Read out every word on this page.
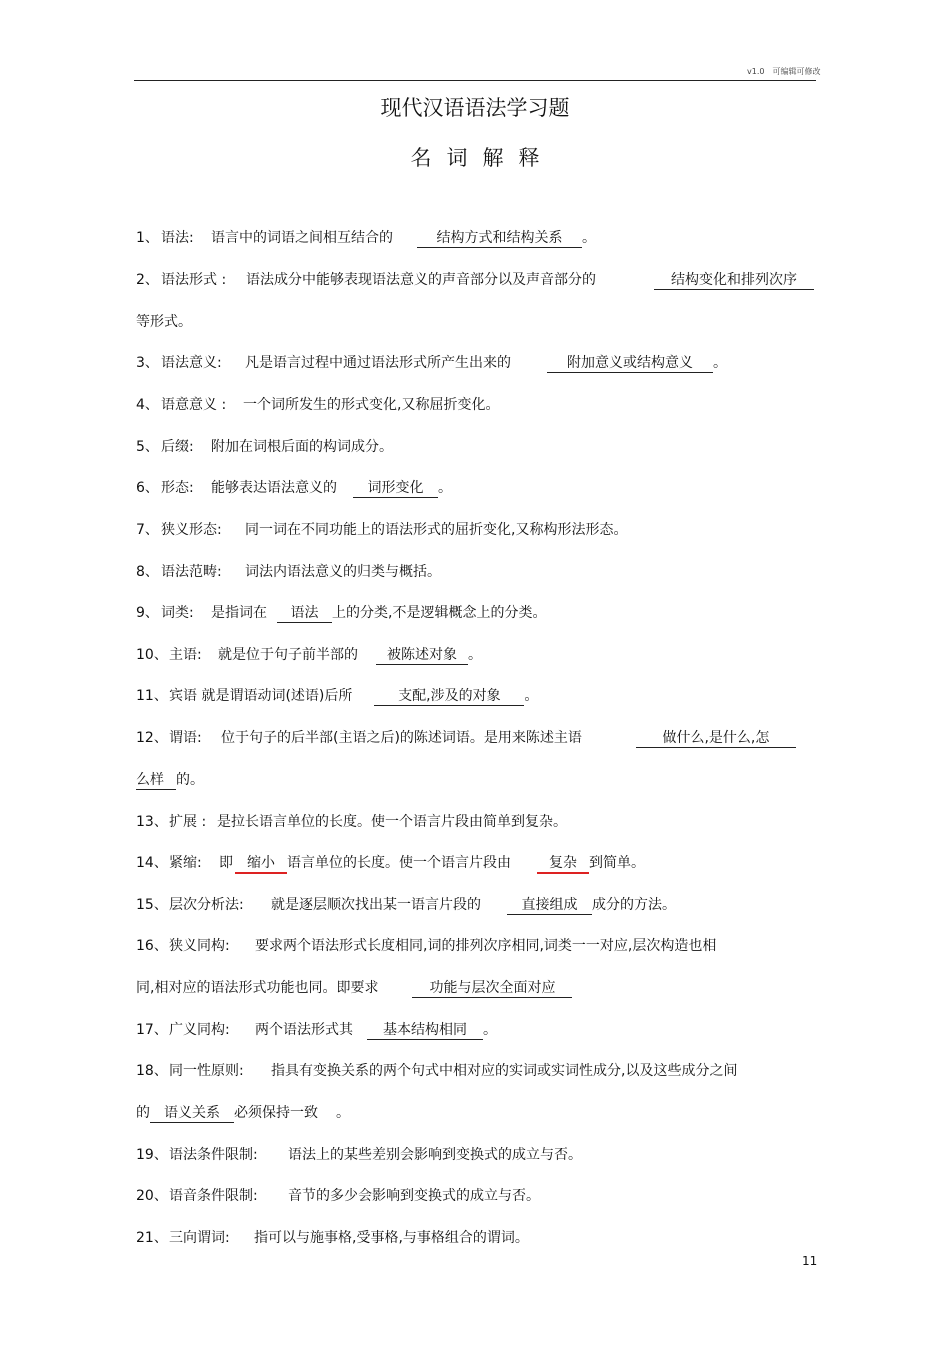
v1.0　可编辑可修改
现代汉语语法学习题
名词解释
1、 语法: 语言中的词语之间相互结合的	结构方式和结构关系 。
2、 语法形式 : 语法成分中能够表现语法意义的声音部分以及声音部分的	结构变化和排列次序
等形式。
3、 语法意义: 凡是语言过程中通过语法形式所产生出来的	附加意义或结构意义 。
4、 语意意义 : 一个词所发生的形式变化,又称屈折变化。
5、 后缀: 附加在词根后面的构词成分。
6、 形态: 能够表达语法意义的 词形变化 。
7、 狭义形态: 同一词在不同功能上的语法形式的屈折变化,又称构形法形态。
8、 语法范畴: 词法内语法意义的归类与概括。
9、 词类: 是指词在 语法 上的分类,不是逻辑概念上的分类。
10、主语: 就是位于句子前半部的 被陈述对象 。
11、宾语 就是谓语动词(述语)后所	支配,涉及的对象 。
12、谓语: 位于句子的后半部(主语之后)的陈述词语。是用来陈述主语	做什么,是什么,怎
么样 的。
13、扩展 : 是拉长语言单位的长度。使一个语言片段由简单到复杂。
14、紧缩: 即 缩小 语言单位的长度。使一个语言片段由	复杂 到简单。
15、层次分析法: 就是逐层顺次找出某一语言片段的	直接组成 成分的方法。
16、狭义同构: 要求两个语法形式长度相同,词的排列次序相同,词类一一对应,层次构造也相
同,相对应的语法形式功能也同。即要求	功能与层次全面对应
17、广义同构: 两个语法形式其 基本结构相同 。
18、同一性原则: 指具有变换关系的两个句式中相对应的实词或实词性成分,以及这些成分之间
的 语义关系 必须保持一致 。
19、语法条件限制: 语法上的某些差别会影响到变换式的成立与否。
20、语音条件限制: 音节的多少会影响到变换式的成立与否。
21、三向谓词: 指可以与施事格,受事格,与事格组合的谓词。
11
